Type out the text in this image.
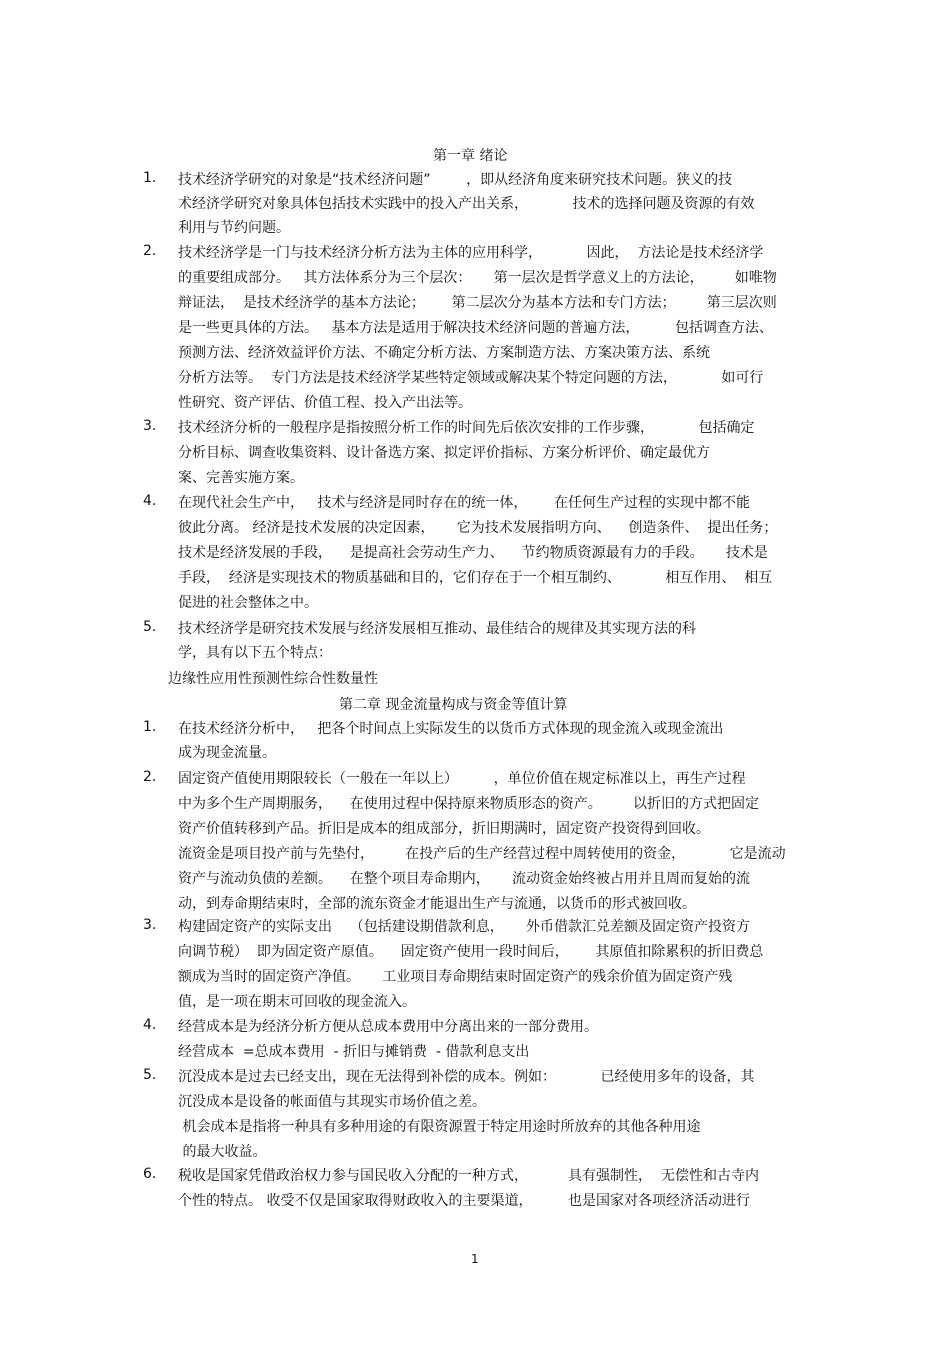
第一章 绪论
1. 技术经济学研究的对象是“技术经济问题”        ，即从经济角度来研究技术问题。狭义的技
术经济学研究对象具体包括技术实践中的投入产出关系，          技术的选择问题及资源的有效
利用与节约问题。
2. 技术经济学是一门与技术经济分析方法为主体的应用科学，          因此，  方法论是技术经济学
的重要组成部分。   其方法体系分为三个层次：     第一层次是哲学意义上的方法论，       如唯物
辩证法，  是技术经济学的基本方法论；      第二层次分为基本方法和专门方法；       第三层次则
是一些更具体的方法。   基本方法是适用于解决技术经济问题的普遍方法，        包括调查方法、
预测方法、经济效益评价方法、不确定分析方法、方案制造方法、方案决策方法、系统
分析方法等。  专门方法是技术经济学某些特定领域或解决某个特定问题的方法，          如可行
性研究、资产评估、价值工程、投入产出法等。
3. 技术经济分析的一般程序是指按照分析工作的时间先后依次安排的工作步骤，          包括确定
分析目标、调查收集资料、设计备选方案、拟定评价指标、方案分析评价、确定最优方
案、完善实施方案。
4. 在现代社会生产中，   技术与经济是同时存在的统一体，      在任何生产过程的实现中都不能
彼此分离。 经济是技术发展的决定因素，     它为技术发展指明方向、    创造条件、  提出任务；
技术是经济发展的手段，    是提高社会劳动生产力、    节约物质资源最有力的手段。     技术是
手段，  经济是实现技术的物质基础和目的，它们存在于一个相互制约、          相互作用、  相互
促进的社会整体之中。
5. 技术经济学是研究技术发展与经济发展相互推动、最佳结合的规律及其实现方法的科
学，具有以下五个特点：
边缘性应用性预测性综合性数量性
第二章 现金流量构成与资金等值计算
1. 在技术经济分析中，   把各个时间点上实际发生的以货币方式体现的现金流入或现金流出
成为现金流量。
2. 固定资产值使用期限较长（一般在一年以上）        ，单位价值在规定标准以上，再生产过程
中为多个生产周期服务，    在使用过程中保持原来物质形态的资产。       以折旧的方式把固定
资产价值转移到产品。折旧是成本的组成部分，折旧期满时，固定资产投资得到回收。
流资金是项目投产前与先垫付，       在投产后的生产经营过程中周转使用的资金，          它是流动
资产与流动负债的差额。    在整个项目寿命期内，     流动资金始终被占用并且周而复始的流
动，到寿命期结束时，全部的流东资金才能退出生产与流通，以货币的形式被回收。
3. 构建固定资产的实际支出    （包括建设期借款利息，     外币借款汇兑差额及固定资产投资方
向调节税）  即为固定资产原值。    固定资产使用一段时间后，      其原值扣除累积的折旧费总
额成为当时的固定资产净值。     工业项目寿命期结束时固定资产的残余价值为固定资产残
值，是一项在期末可回收的现金流入。
4. 经营成本是为经济分析方便从总成本费用中分离出来的一部分费用。
经营成本  =总成本费用  - 折旧与摊销费  - 借款利息支出
5. 沉没成本是过去已经支出，现在无法得到补偿的成本。例如：          已经使用多年的设备，其
沉没成本是设备的帐面值与其现实市场价值之差。
机会成本是指将一种具有多种用途的有限资源置于特定用途时所放弃的其他各种用途
的最大收益。
6. 税收是国家凭借政治权力参与国民收入分配的一种方式，         具有强制性，  无偿性和古寺内
个性的特点。 收受不仅是国家取得财政收入的主要渠道，        也是国家对各项经济活动进行
1
